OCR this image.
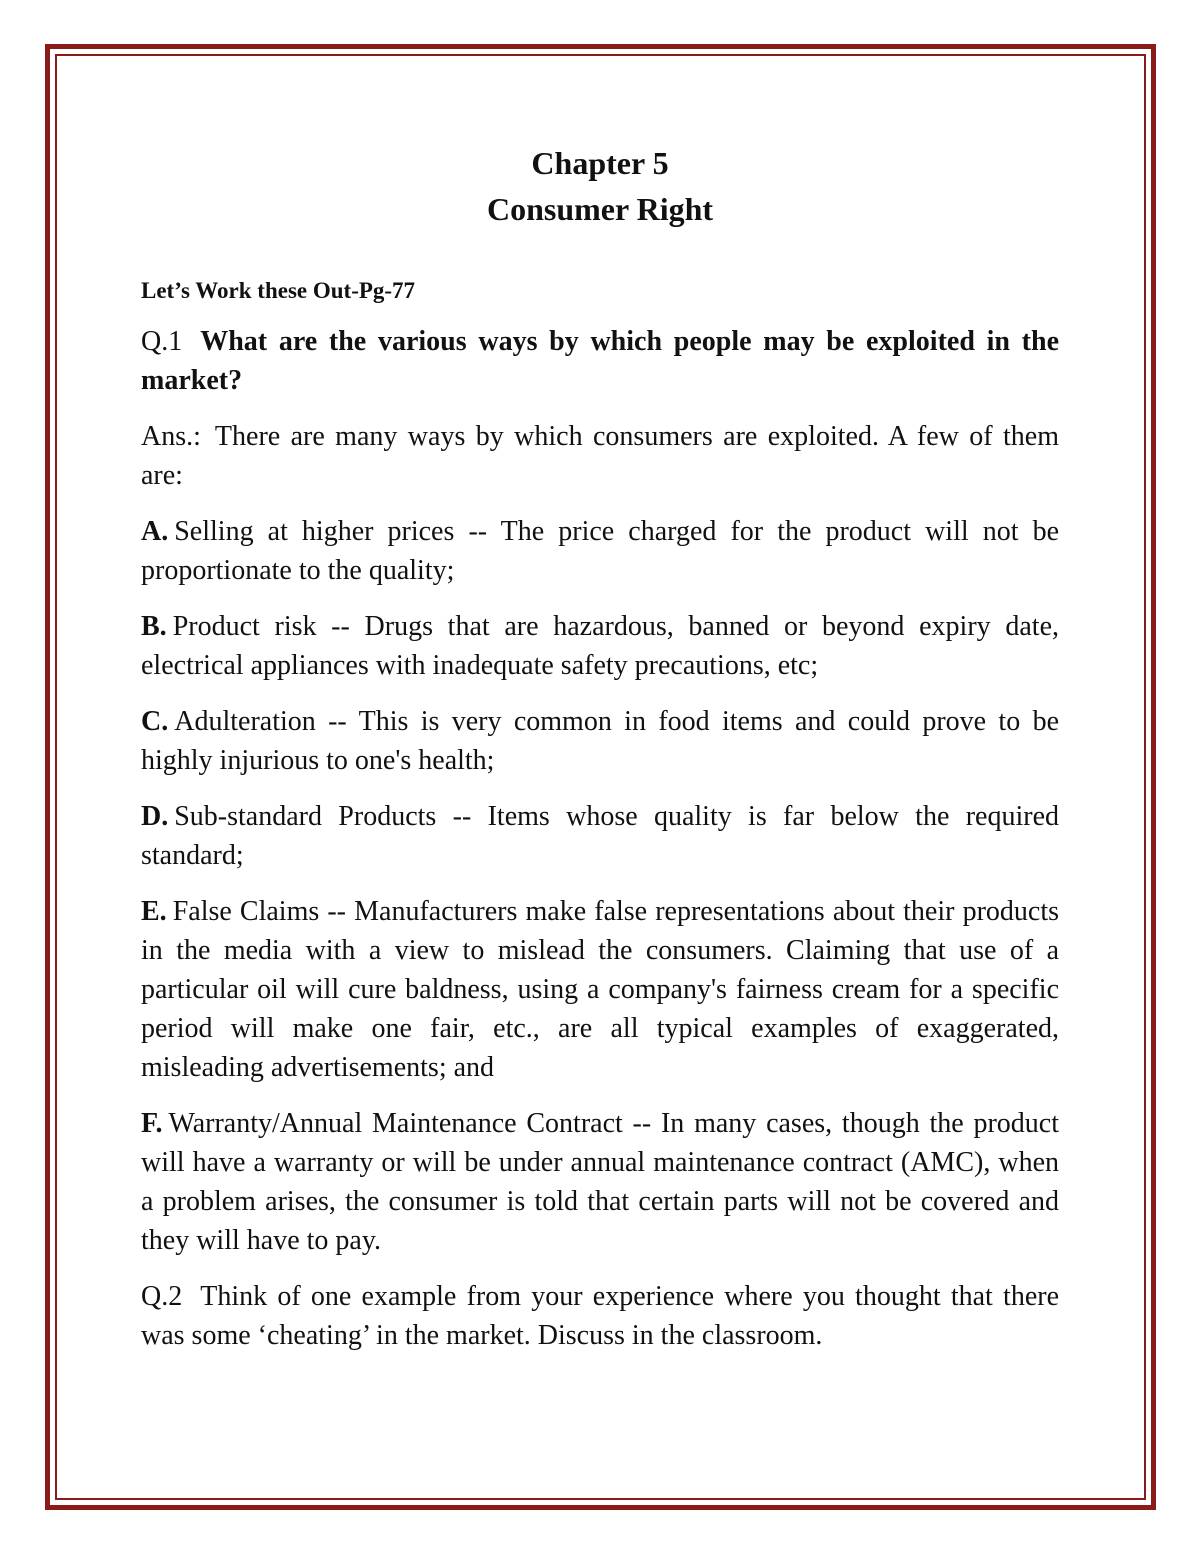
Chapter 5
Consumer Right
Let’s Work these Out-Pg-77

Q.1 What are the various ways by which people may be exploited in the market?

Ans.: There are many ways by which consumers are exploited. A few of them are:

A. Selling at higher prices -- The price charged for the product will not be proportionate to the quality;

B. Product risk -- Drugs that are hazardous, banned or beyond expiry date, electrical appliances with inadequate safety precautions, etc;

C. Adulteration -- This is very common in food items and could prove to be highly injurious to one's health;

D. Sub-standard Products -- Items whose quality is far below the required standard;

E. False Claims -- Manufacturers make false representations about their products in the media with a view to mislead the consumers. Claiming that use of a particular oil will cure baldness, using a company's fairness cream for a specific period will make one fair, etc., are all typical examples of exaggerated, misleading advertisements; and

F. Warranty/Annual Maintenance Contract -- In many cases, though the product will have a warranty or will be under annual maintenance contract (AMC), when a problem arises, the consumer is told that certain parts will not be covered and they will have to pay.

Q.2 Think of one example from your experience where you thought that there was some ‘cheating’ in the market. Discuss in the classroom.
